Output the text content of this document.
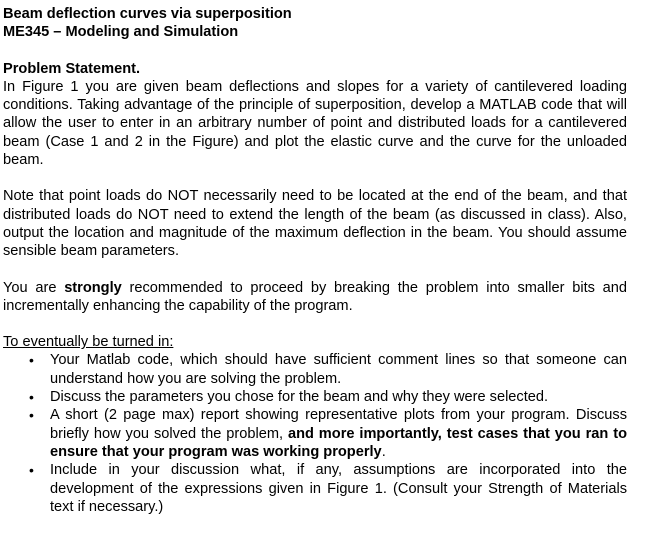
Beam deflection curves via superposition

ME345 – Modeling and Simulation

Problem Statement.

In Figure 1 you are given beam deflections and slopes for a variety of cantilevered loading conditions. Taking advantage of the principle of superposition, develop a MATLAB code that will allow the user to enter in an arbitrary number of point and distributed loads for a cantilevered beam (Case 1 and 2 in the Figure) and plot the elastic curve and the curve for the unloaded beam.

Note that point loads do NOT necessarily need to be located at the end of the beam, and that distributed loads do NOT need to extend the length of the beam (as discussed in class). Also, output the location and magnitude of the maximum deflection in the beam. You should assume sensible beam parameters.

You are strongly recommended to proceed by breaking the problem into smaller bits and incrementally enhancing the capability of the program.

To eventually be turned in:

• Your Matlab code, which should have sufficient comment lines so that someone can understand how you are solving the problem.
• Discuss the parameters you chose for the beam and why they were selected.
• A short (2 page max) report showing representative plots from your program. Discuss briefly how you solved the problem, and more importantly, test cases that you ran to ensure that your program was working properly.
• Include in your discussion what, if any, assumptions are incorporated into the development of the expressions given in Figure 1. (Consult your Strength of Materials text if necessary.)
